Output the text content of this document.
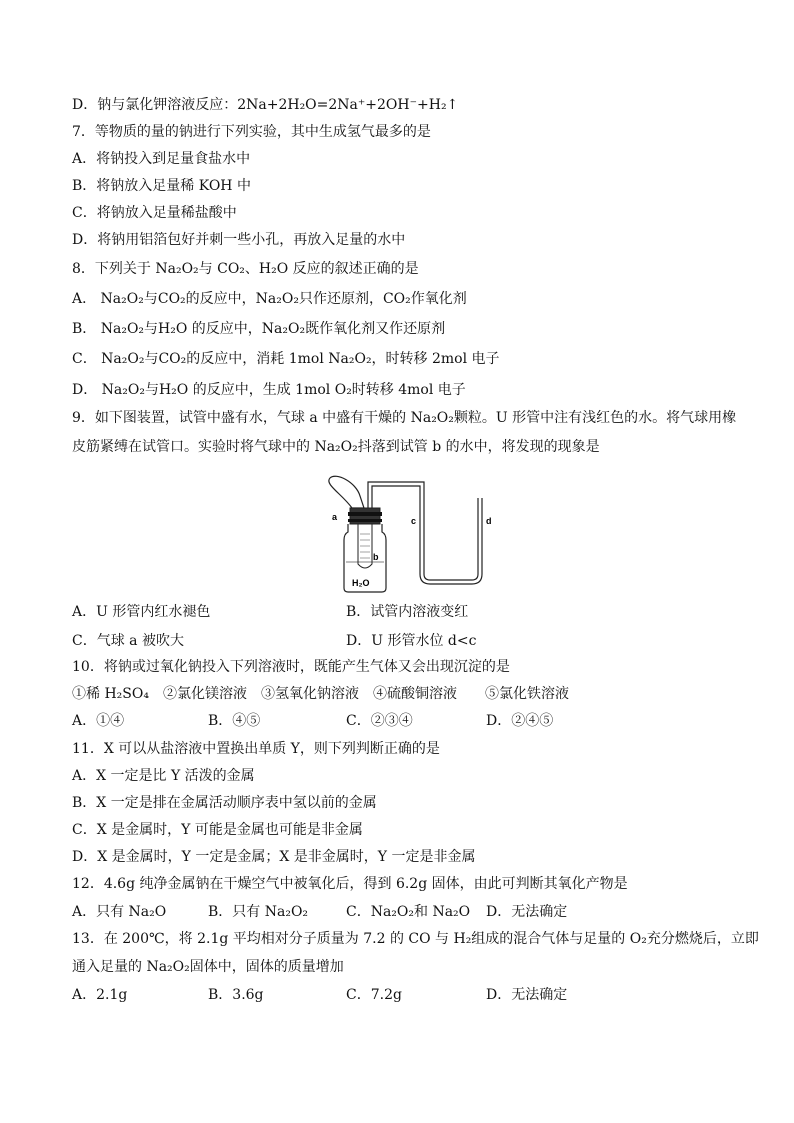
D．钠与氯化钾溶液反应：2Na+2H₂O=2Na⁺+2OH⁻+H₂↑
7．等物质的量的钠进行下列实验，其中生成氢气最多的是
A．将钠投入到足量食盐水中
B．将钠放入足量稀 KOH 中
C．将钠放入足量稀盐酸中
D．将钠用铝箔包好并刺一些小孔，再放入足量的水中
8．下列关于 Na₂O₂与 CO₂、H₂O 反应的叙述正确的是
A． Na₂O₂与CO₂的反应中，Na₂O₂只作还原剂，CO₂作氧化剂
B． Na₂O₂与H₂O 的反应中，Na₂O₂既作氧化剂又作还原剂
C． Na₂O₂与CO₂的反应中，消耗 1mol Na₂O₂，时转移 2mol 电子
D． Na₂O₂与H₂O 的反应中，生成 1mol O₂时转移 4mol 电子
9．如下图装置，试管中盛有水，气球 a 中盛有干燥的 Na₂O₂颗粒。U 形管中注有浅红色的水。将气球用橡
皮筋紧缚在试管口。实验时将气球中的 Na₂O₂抖落到试管 b 的水中，将发现的现象是
a
b
c	d
H₂O
A．U 形管内红水褪色	B．试管内溶液变红
C．气球 a 被吹大	D．U 形管水位 d<c
10．将钠或过氧化钠投入下列溶液时，既能产生气体又会出现沉淀的是
①稀 H₂SO₄　②氯化镁溶液　③氢氧化钠溶液　④硫酸铜溶液　　⑤氯化铁溶液
A．①④	B．④⑤	C．②③④	D．②④⑤
11．X 可以从盐溶液中置换出单质 Y，则下列判断正确的是
A．X 一定是比 Y 活泼的金属
B．X 一定是排在金属活动顺序表中氢以前的金属
C．X 是金属时，Y 可能是金属也可能是非金属
D．X 是金属时，Y 一定是金属；X 是非金属时，Y 一定是非金属
12．4.6g 纯净金属钠在干燥空气中被氧化后，得到 6.2g 固体，由此可判断其氧化产物是
A．只有 Na₂O	B．只有 Na₂O₂	C．Na₂O₂和 Na₂O D．无法确定
13．在 200℃，将 2.1g 平均相对分子质量为 7.2 的 CO 与 H₂组成的混合气体与足量的 O₂充分燃烧后，立即
通入足量的 Na₂O₂固体中，固体的质量增加
A．2.1g	B．3.6g	C．7.2g	D．无法确定
